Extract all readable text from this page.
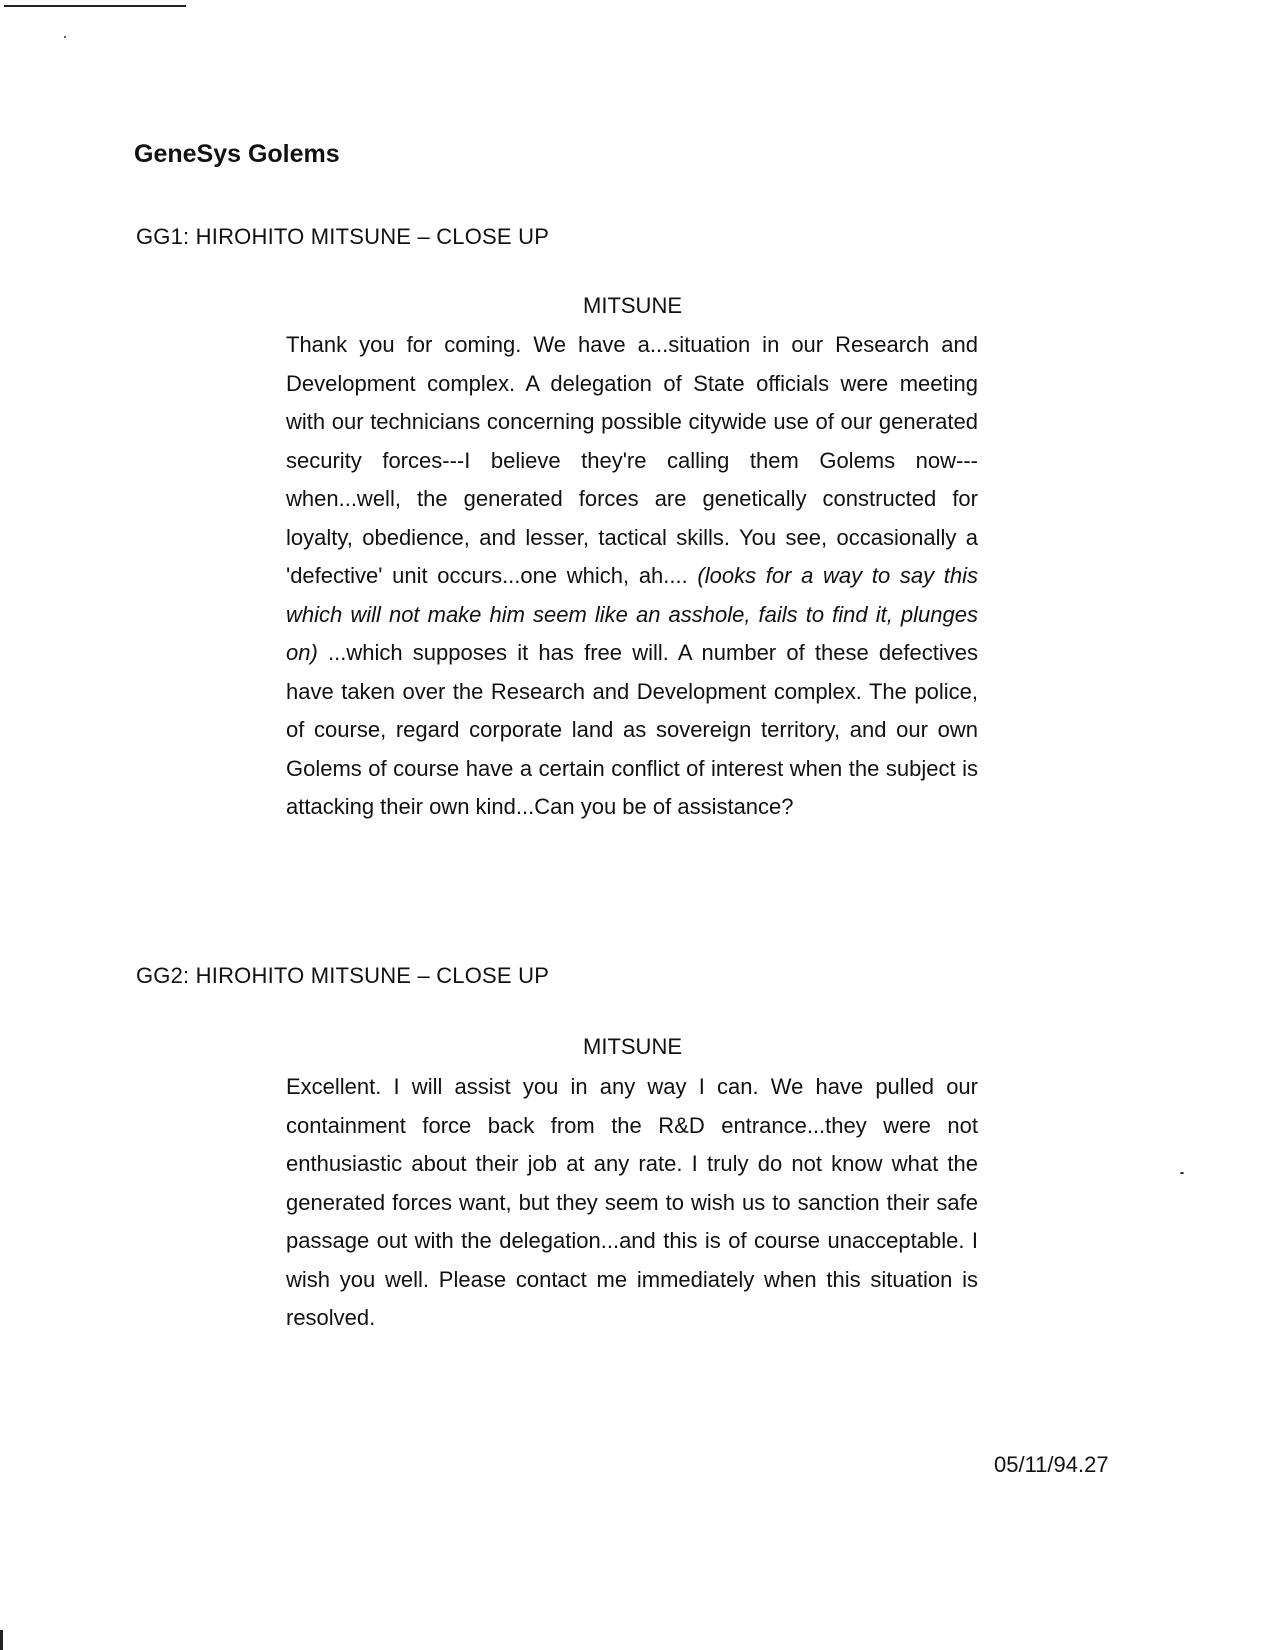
GeneSys Golems

GG1: HIROHITO MITSUNE – CLOSE UP

MITSUNE

Thank you for coming. We have a...situation in our Research and Development complex. A delegation of State officials were meeting with our technicians concerning possible citywide use of our generated security forces---I believe they're calling them Golems now---when...well, the generated forces are genetically constructed for loyalty, obedience, and lesser, tactical skills. You see, occasionally a 'defective' unit occurs...one which, ah.... (looks for a way to say this which will not make him seem like an asshole, fails to find it, plunges on) ...which supposes it has free will. A number of these defectives have taken over the Research and Development complex. The police, of course, regard corporate land as sovereign territory, and our own Golems of course have a certain conflict of interest when the subject is attacking their own kind...Can you be of assistance?

GG2: HIROHITO MITSUNE – CLOSE UP

MITSUNE

Excellent. I will assist you in any way I can. We have pulled our containment force back from the R&D entrance...they were not enthusiastic about their job at any rate. I truly do not know what the generated forces want, but they seem to wish us to sanction their safe passage out with the delegation...and this is of course unacceptable. I wish you well. Please contact me immediately when this situation is resolved.

05/11/94.27
